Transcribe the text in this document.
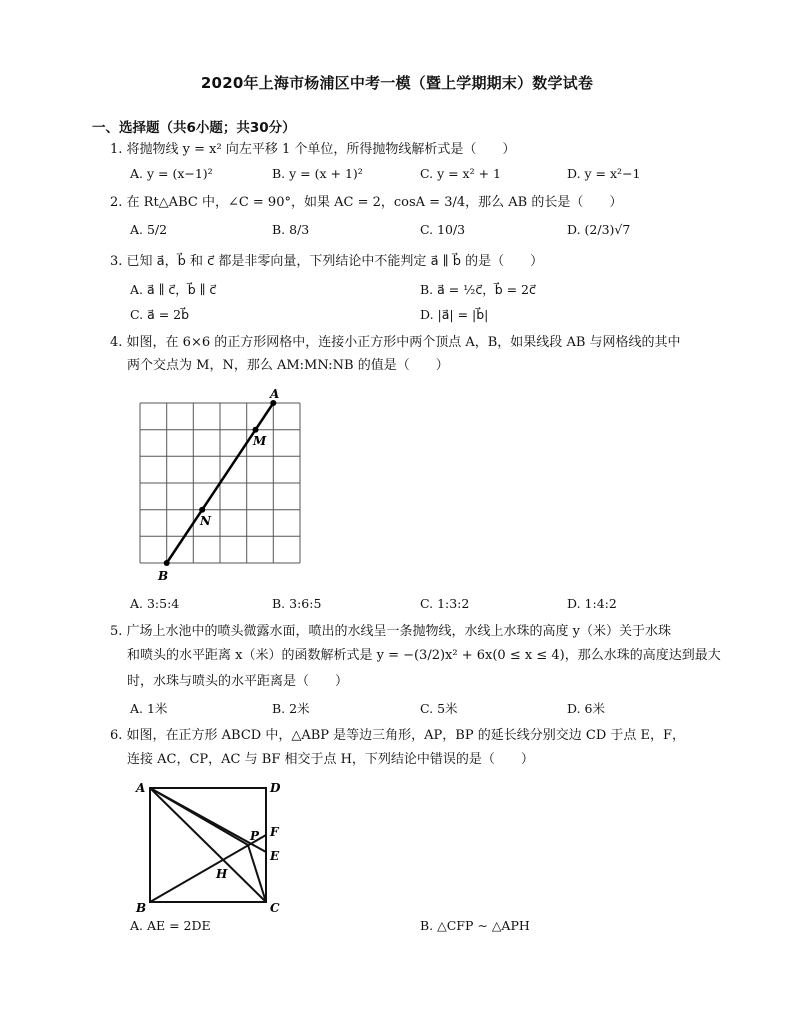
2020年上海市杨浦区中考一模（暨上学期期末）数学试卷
一、选择题（共6小题；共30分）
1. 将抛物线 y = x² 向左平移 1 个单位，所得抛物线解析式是（　　）
A. y = (x−1)²	B. y = (x + 1)²	C. y = x² + 1	D. y = x²−1
2. 在 Rt△ABC 中，∠C = 90°，如果 AC = 2，cosA = 3/4，那么 AB 的长是（　　）
A. 5/2	B. 8/3	C. 10/3	D. (2/3)√7
3. 已知 a⃗，b⃗ 和 c⃗ 都是非零向量，下列结论中不能判定 a⃗ ∥ b⃗ 的是（　　）
A. a⃗ ∥ c⃗，b⃗ ∥ c⃗	B. a⃗ = ½c⃗，b⃗ = 2c⃗
C. a⃗ = 2b⃗	D. |a⃗| = |b⃗|
4. 如图，在 6×6 的正方形网格中，连接小正方形中两个顶点 A，B，如果线段 AB 与网格线的其中
两个交点为 M，N，那么 AM:MN:NB 的值是（　　）
A
M
N
B
A. 3:5:4	B. 3:6:5	C. 1:3:2	D. 1:4:2
5. 广场上水池中的喷头微露水面，喷出的水线呈一条抛物线，水线上水珠的高度 y（米）关于水珠
和喷头的水平距离 x（米）的函数解析式是 y = −(3/2)x² + 6x(0 ≤ x ≤ 4)，那么水珠的高度达到最大
时，水珠与喷头的水平距离是（　　）
A. 1米	B. 2米	C. 5米	D. 6米
6. 如图，在正方形 ABCD 中，△ABP 是等边三角形，AP，BP 的延长线分别交边 CD 于点 E，F，
连接 AC，CP，AC 与 BF 相交于点 H，下列结论中错误的是（　　）
A	D
B	C
P F
E
H
A. AE = 2DE	B. △CFP ∼ △APH
